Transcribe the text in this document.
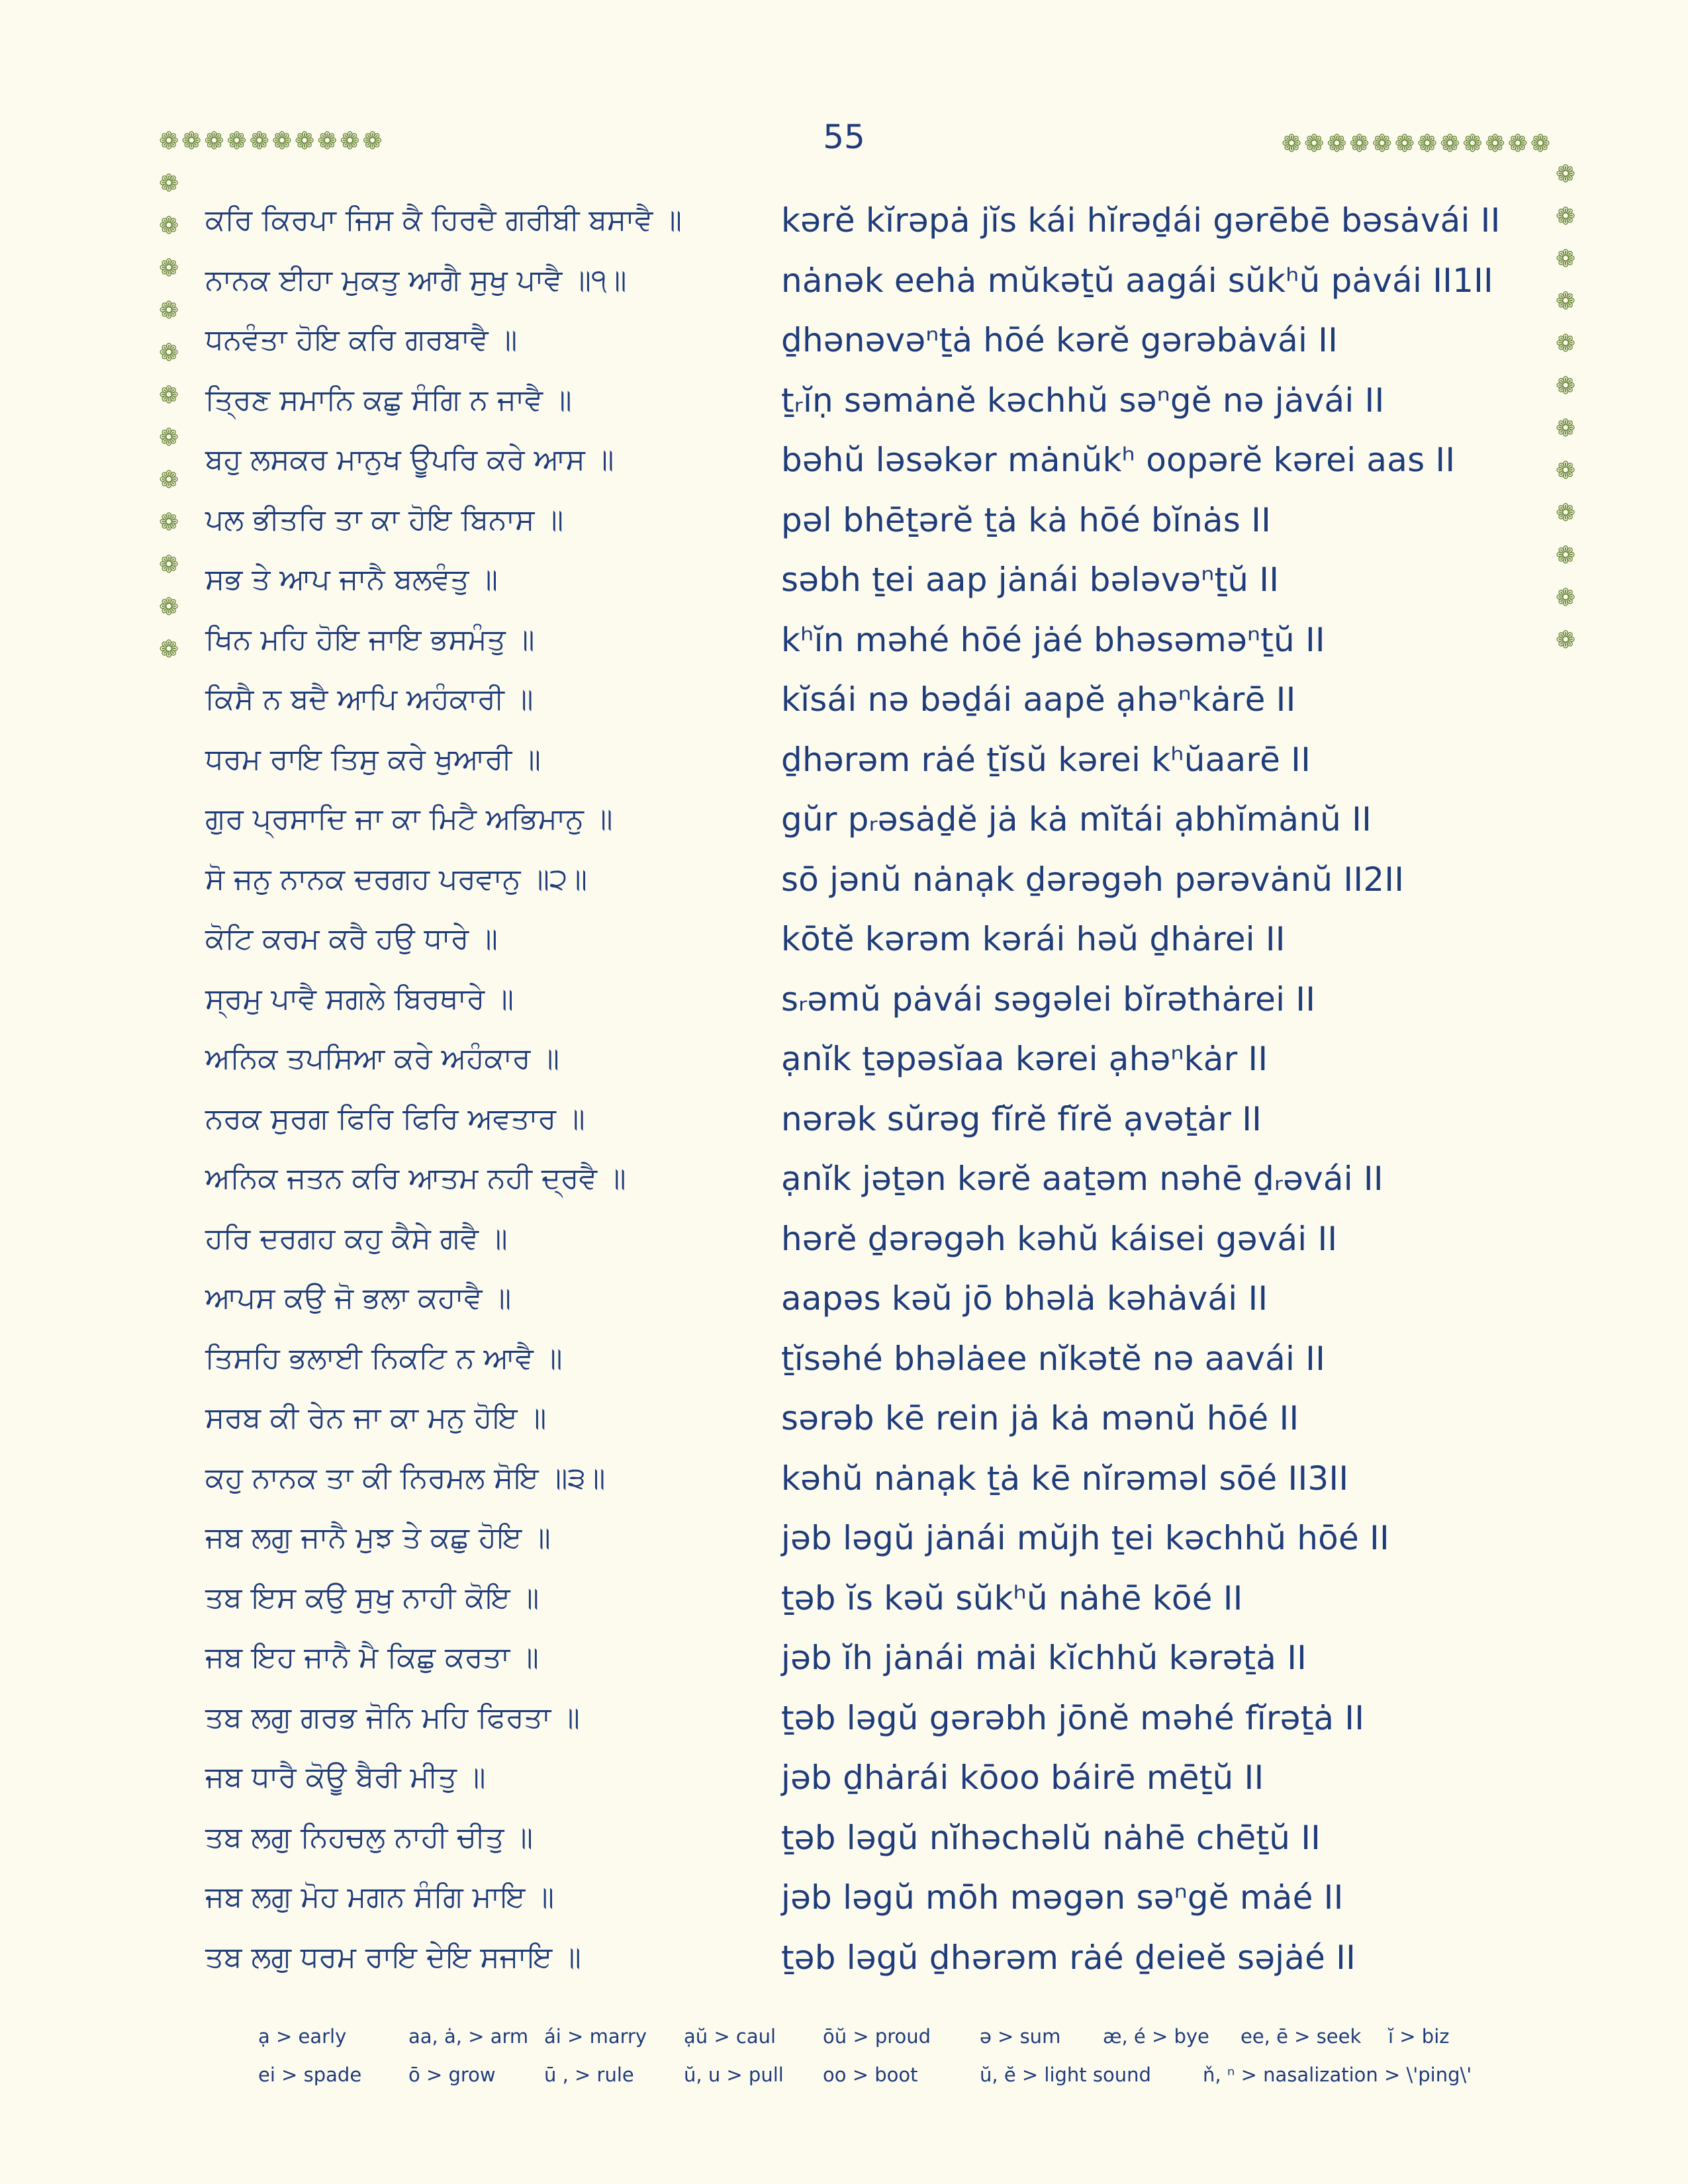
55
❁ ❁ ❁ ❁ ❁ ❁ ❁ ❁ ❁ ❁	❁ ❁ ❁ ❁ ❁ ❁ ❁ ❁ ❁ ❁ ❁ ❁
❁
❁
❁
❁
❁
❁
❁
❁
❁
❁
❁
❁
❁
❁
❁
❁
❁
❁
❁
❁
❁
❁
❁
❁
ਕਰਿ ਕਿਰਪਾ ਜਿਸ ਕੈ ਹਿਰਦੈ ਗਰੀਬੀ ਬਸਾਵੈ ॥	kərĕ kĭrəpȧ jĭs kái hĭrəḏái gərēbē bəsȧvái II
ਨਾਨਕ ਈਹਾ ਮੁਕਤੁ ਆਗੈ ਸੁਖੁ ਪਾਵੈ ॥੧॥	nȧnək eehȧ mŭkəṯŭ aagái sŭkʰŭ pȧvái II1II
ਧਨਵੰਤਾ ਹੋਇ ਕਰਿ ਗਰਬਾਵੈ ॥	ḏhənəvəⁿṯȧ hōé kərĕ gərəbȧvái II
ਤ੍ਰਿਣ ਸਮਾਨਿ ਕਛੁ ਸੰਗਿ ਨ ਜਾਵੈ ॥	ṯᵣĭṇ səmȧnĕ kəchhŭ səⁿgĕ nə jȧvái II
ਬਹੁ ਲਸਕਰ ਮਾਨੁਖ ਊਪਰਿ ਕਰੇ ਆਸ ॥	bəhŭ ləsəkər mȧnŭkʰ oopərĕ kərei aas II
ਪਲ ਭੀਤਰਿ ਤਾ ਕਾ ਹੋਇ ਬਿਨਾਸ ॥	pəl bhēṯərĕ ṯȧ kȧ hōé bĭnȧs II
ਸਭ ਤੇ ਆਪ ਜਾਨੈ ਬਲਵੰਤੁ ॥	səbh ṯei aap jȧnái bələvəⁿṯŭ II
ਖਿਨ ਮਹਿ ਹੋਇ ਜਾਇ ਭਸਮੰਤੁ ॥	kʰĭn məhé hōé jȧé bhəsəməⁿṯŭ II
ਕਿਸੈ ਨ ਬਦੈ ਆਪਿ ਅਹੰਕਾਰੀ ॥	kĭsái nə bəḏái aapĕ ạhəⁿkȧrē II
ਧਰਮ ਰਾਇ ਤਿਸੁ ਕਰੇ ਖੁਆਰੀ ॥	ḏhərəm rȧé ṯĭsŭ kərei kʰŭaarē II
ਗੁਰ ਪ੍ਰਸਾਦਿ ਜਾ ਕਾ ਮਿਟੈ ਅਭਿਮਾਨੁ ॥	gŭr pᵣəsȧḏĕ jȧ kȧ mĭtái ạbhĭmȧnŭ II
ਸੋ ਜਨੁ ਨਾਨਕ ਦਰਗਹ ਪਰਵਾਨੁ ॥੨॥	sō jənŭ nȧnạk ḏərəgəh pərəvȧnŭ II2II
ਕੋਟਿ ਕਰਮ ਕਰੈ ਹਉ ਧਾਰੇ ॥	kōtĕ kərəm kərái həŭ ḏhȧrei II
ਸ੍ਰਮੁ ਪਾਵੈ ਸਗਲੇ ਬਿਰਥਾਰੇ ॥	sᵣəmŭ pȧvái səgəlei bĭrəthȧrei II
ਅਨਿਕ ਤਪਸਿਆ ਕਰੇ ਅਹੰਕਾਰ ॥	ạnĭk ṯəpəsĭaa kərei ạhəⁿkȧr II
ਨਰਕ ਸੁਰਗ ਫਿਰਿ ਫਿਰਿ ਅਵਤਾਰ ॥	nərək sŭrəg fĭrĕ fĭrĕ ạvəṯȧr II
ਅਨਿਕ ਜਤਨ ਕਰਿ ਆਤਮ ਨਹੀ ਦ੍ਰਵੈ ॥	ạnĭk jəṯən kərĕ aaṯəm nəhē ḏᵣəvái II
ਹਰਿ ਦਰਗਹ ਕਹੁ ਕੈਸੇ ਗਵੈ ॥	hərĕ ḏərəgəh kəhŭ káisei gəvái II
ਆਪਸ ਕਉ ਜੋ ਭਲਾ ਕਹਾਵੈ ॥	aapəs kəŭ jō bhəlȧ kəhȧvái II
ਤਿਸਹਿ ਭਲਾਈ ਨਿਕਟਿ ਨ ਆਵੈ ॥	ṯĭsəhé bhəlȧee nĭkətĕ nə aavái II
ਸਰਬ ਕੀ ਰੇਨ ਜਾ ਕਾ ਮਨੁ ਹੋਇ ॥	sərəb kē rein jȧ kȧ mənŭ hōé II
ਕਹੁ ਨਾਨਕ ਤਾ ਕੀ ਨਿਰਮਲ ਸੋਇ ॥੩॥	kəhŭ nȧnạk ṯȧ kē nĭrəməl sōé II3II
ਜਬ ਲਗੁ ਜਾਨੈ ਮੁਝ ਤੇ ਕਛੁ ਹੋਇ ॥	jəb ləgŭ jȧnái mŭjh ṯei kəchhŭ hōé II
ਤਬ ਇਸ ਕਉ ਸੁਖੁ ਨਾਹੀ ਕੋਇ ॥	ṯəb ĭs kəŭ sŭkʰŭ nȧhē kōé II
ਜਬ ਇਹ ਜਾਨੈ ਮੈ ਕਿਛੁ ਕਰਤਾ ॥	jəb ĭh jȧnái mȧi kĭchhŭ kərəṯȧ II
ਤਬ ਲਗੁ ਗਰਭ ਜੋਨਿ ਮਹਿ ਫਿਰਤਾ ॥	ṯəb ləgŭ gərəbh jōnĕ məhé fĭrəṯȧ II
ਜਬ ਧਾਰੈ ਕੋਊ ਬੈਰੀ ਮੀਤੁ ॥	jəb ḏhȧrái kōoo báirē mēṯŭ II
ਤਬ ਲਗੁ ਨਿਹਚਲੁ ਨਾਹੀ ਚੀਤੁ ॥	ṯəb ləgŭ nĭhəchəlŭ nȧhē chēṯŭ II
ਜਬ ਲਗੁ ਮੋਹ ਮਗਨ ਸੰਗਿ ਮਾਇ ॥	jəb ləgŭ mōh məgən səⁿgĕ mȧé II
ਤਬ ਲਗੁ ਧਰਮ ਰਾਇ ਦੇਇ ਸਜਾਇ ॥	ṯəb ləgŭ ḏhərəm rȧé ḏeieĕ səjȧé II
ạ > early	aa, ȧ, > arm ái > marry ạŭ > caul ōŭ > proud	ə > sum æ, é > bye ee, ē > seek ĭ > biz
ei > spade ō > grow	ū , > rule	ŭ, u > pull oo > boot	ŭ, ĕ > light sound	ň, ⁿ > nasalization > \'ping\'
